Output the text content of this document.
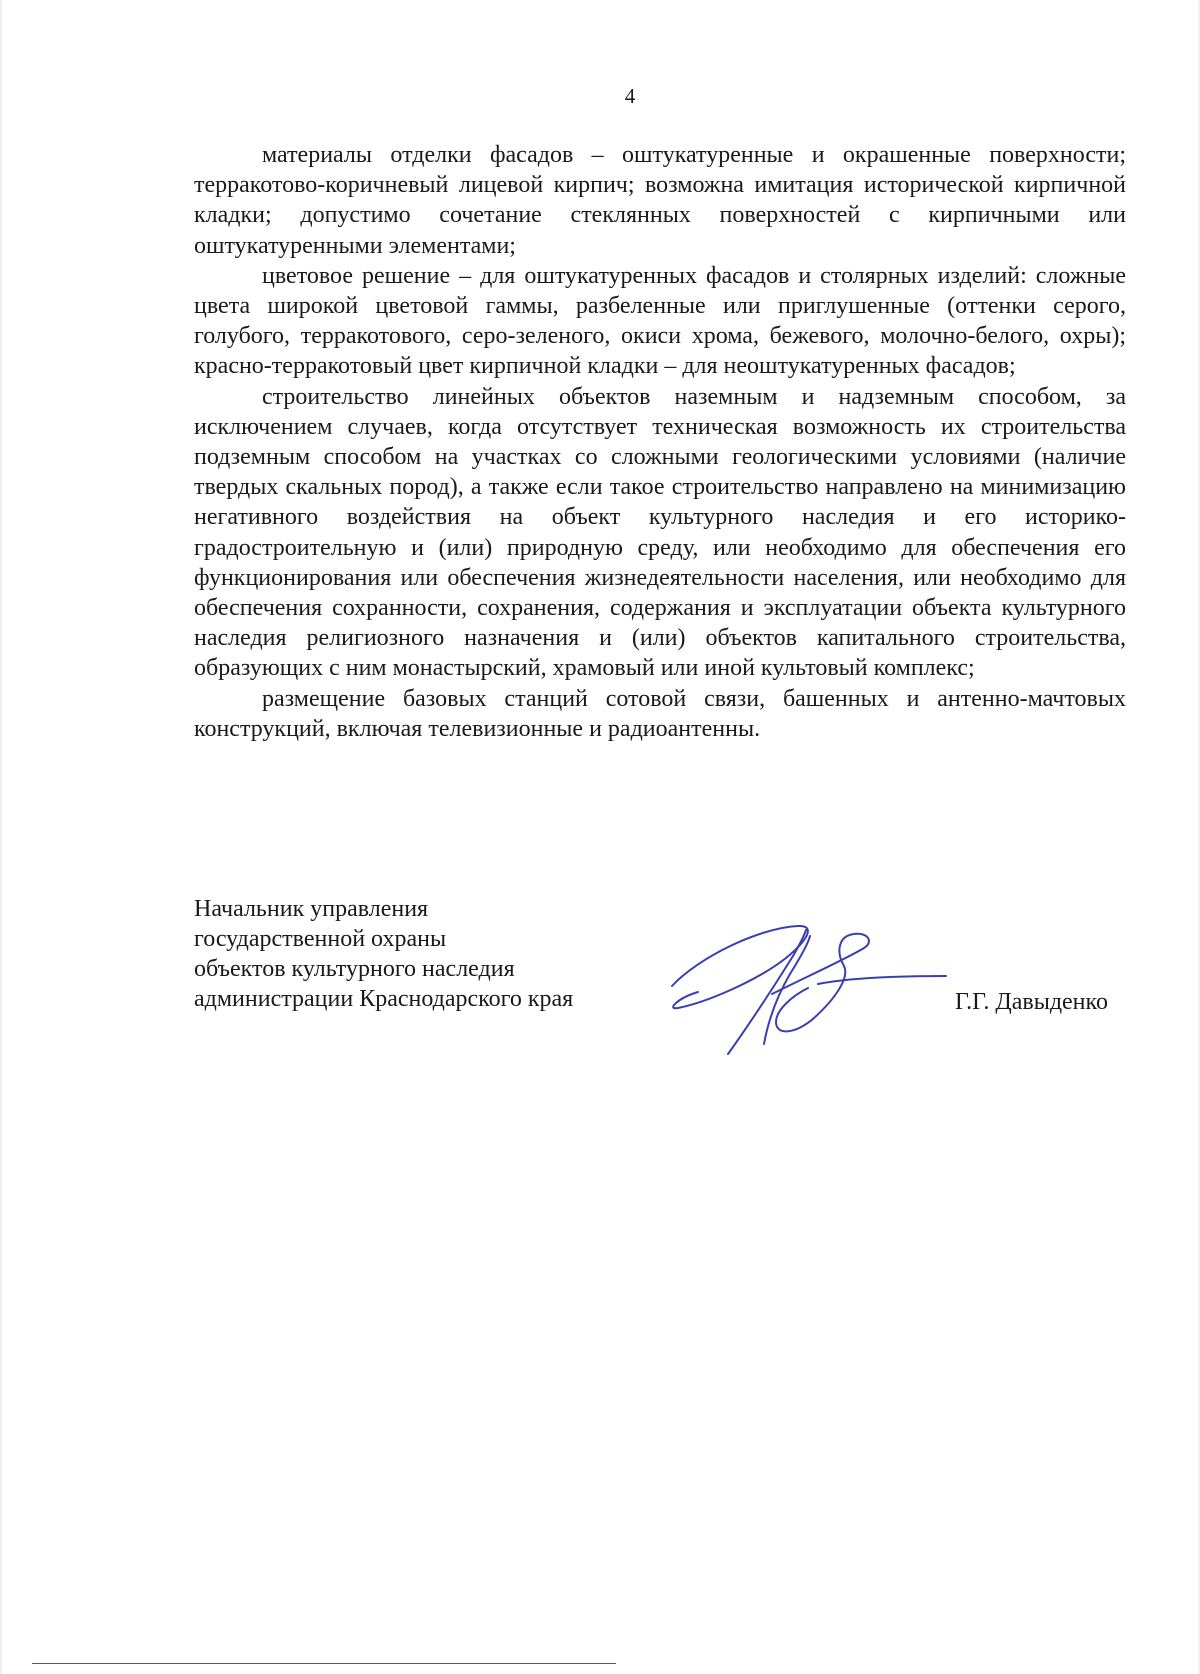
4

материалы отделки фасадов – оштукатуренные и окрашенные поверхности; терракотово-коричневый лицевой кирпич; возможна имитация исторической кирпичной кладки; допустимо сочетание стеклянных поверхностей с кирпичными или оштукатуренными элементами;

цветовое решение – для оштукатуренных фасадов и столярных изделий: сложные цвета широкой цветовой гаммы, разбеленные или приглушенные (оттенки серого, голубого, терракотового, серо-зеленого, окиси хрома, бежевого, молочно-белого, охры); красно-терракотовый цвет кирпичной кладки – для неоштукатуренных фасадов;

строительство линейных объектов наземным и надземным способом, за исключением случаев, когда отсутствует техническая возможность их строительства подземным способом на участках со сложными геологическими условиями (наличие твердых скальных пород), а также если такое строительство направлено на минимизацию негативного воздействия на объект культурного наследия и его историко-градостроительную и (или) природную среду, или необходимо для обеспечения его функционирования или обеспечения жизнедеятельности населения, или необходимо для обеспечения сохранности, сохранения, содержания и эксплуатации объекта культурного наследия религиозного назначения и (или) объектов капитального строительства, образующих с ним монастырский, храмовый или иной культовый комплекс;

размещение базовых станций сотовой связи, башенных и антенно-мачтовых конструкций, включая телевизионные и радиоантенны.

Начальник управления
государственной охраны
объектов культурного наследия
администрации Краснодарского края	Г.Г. Давыденко
